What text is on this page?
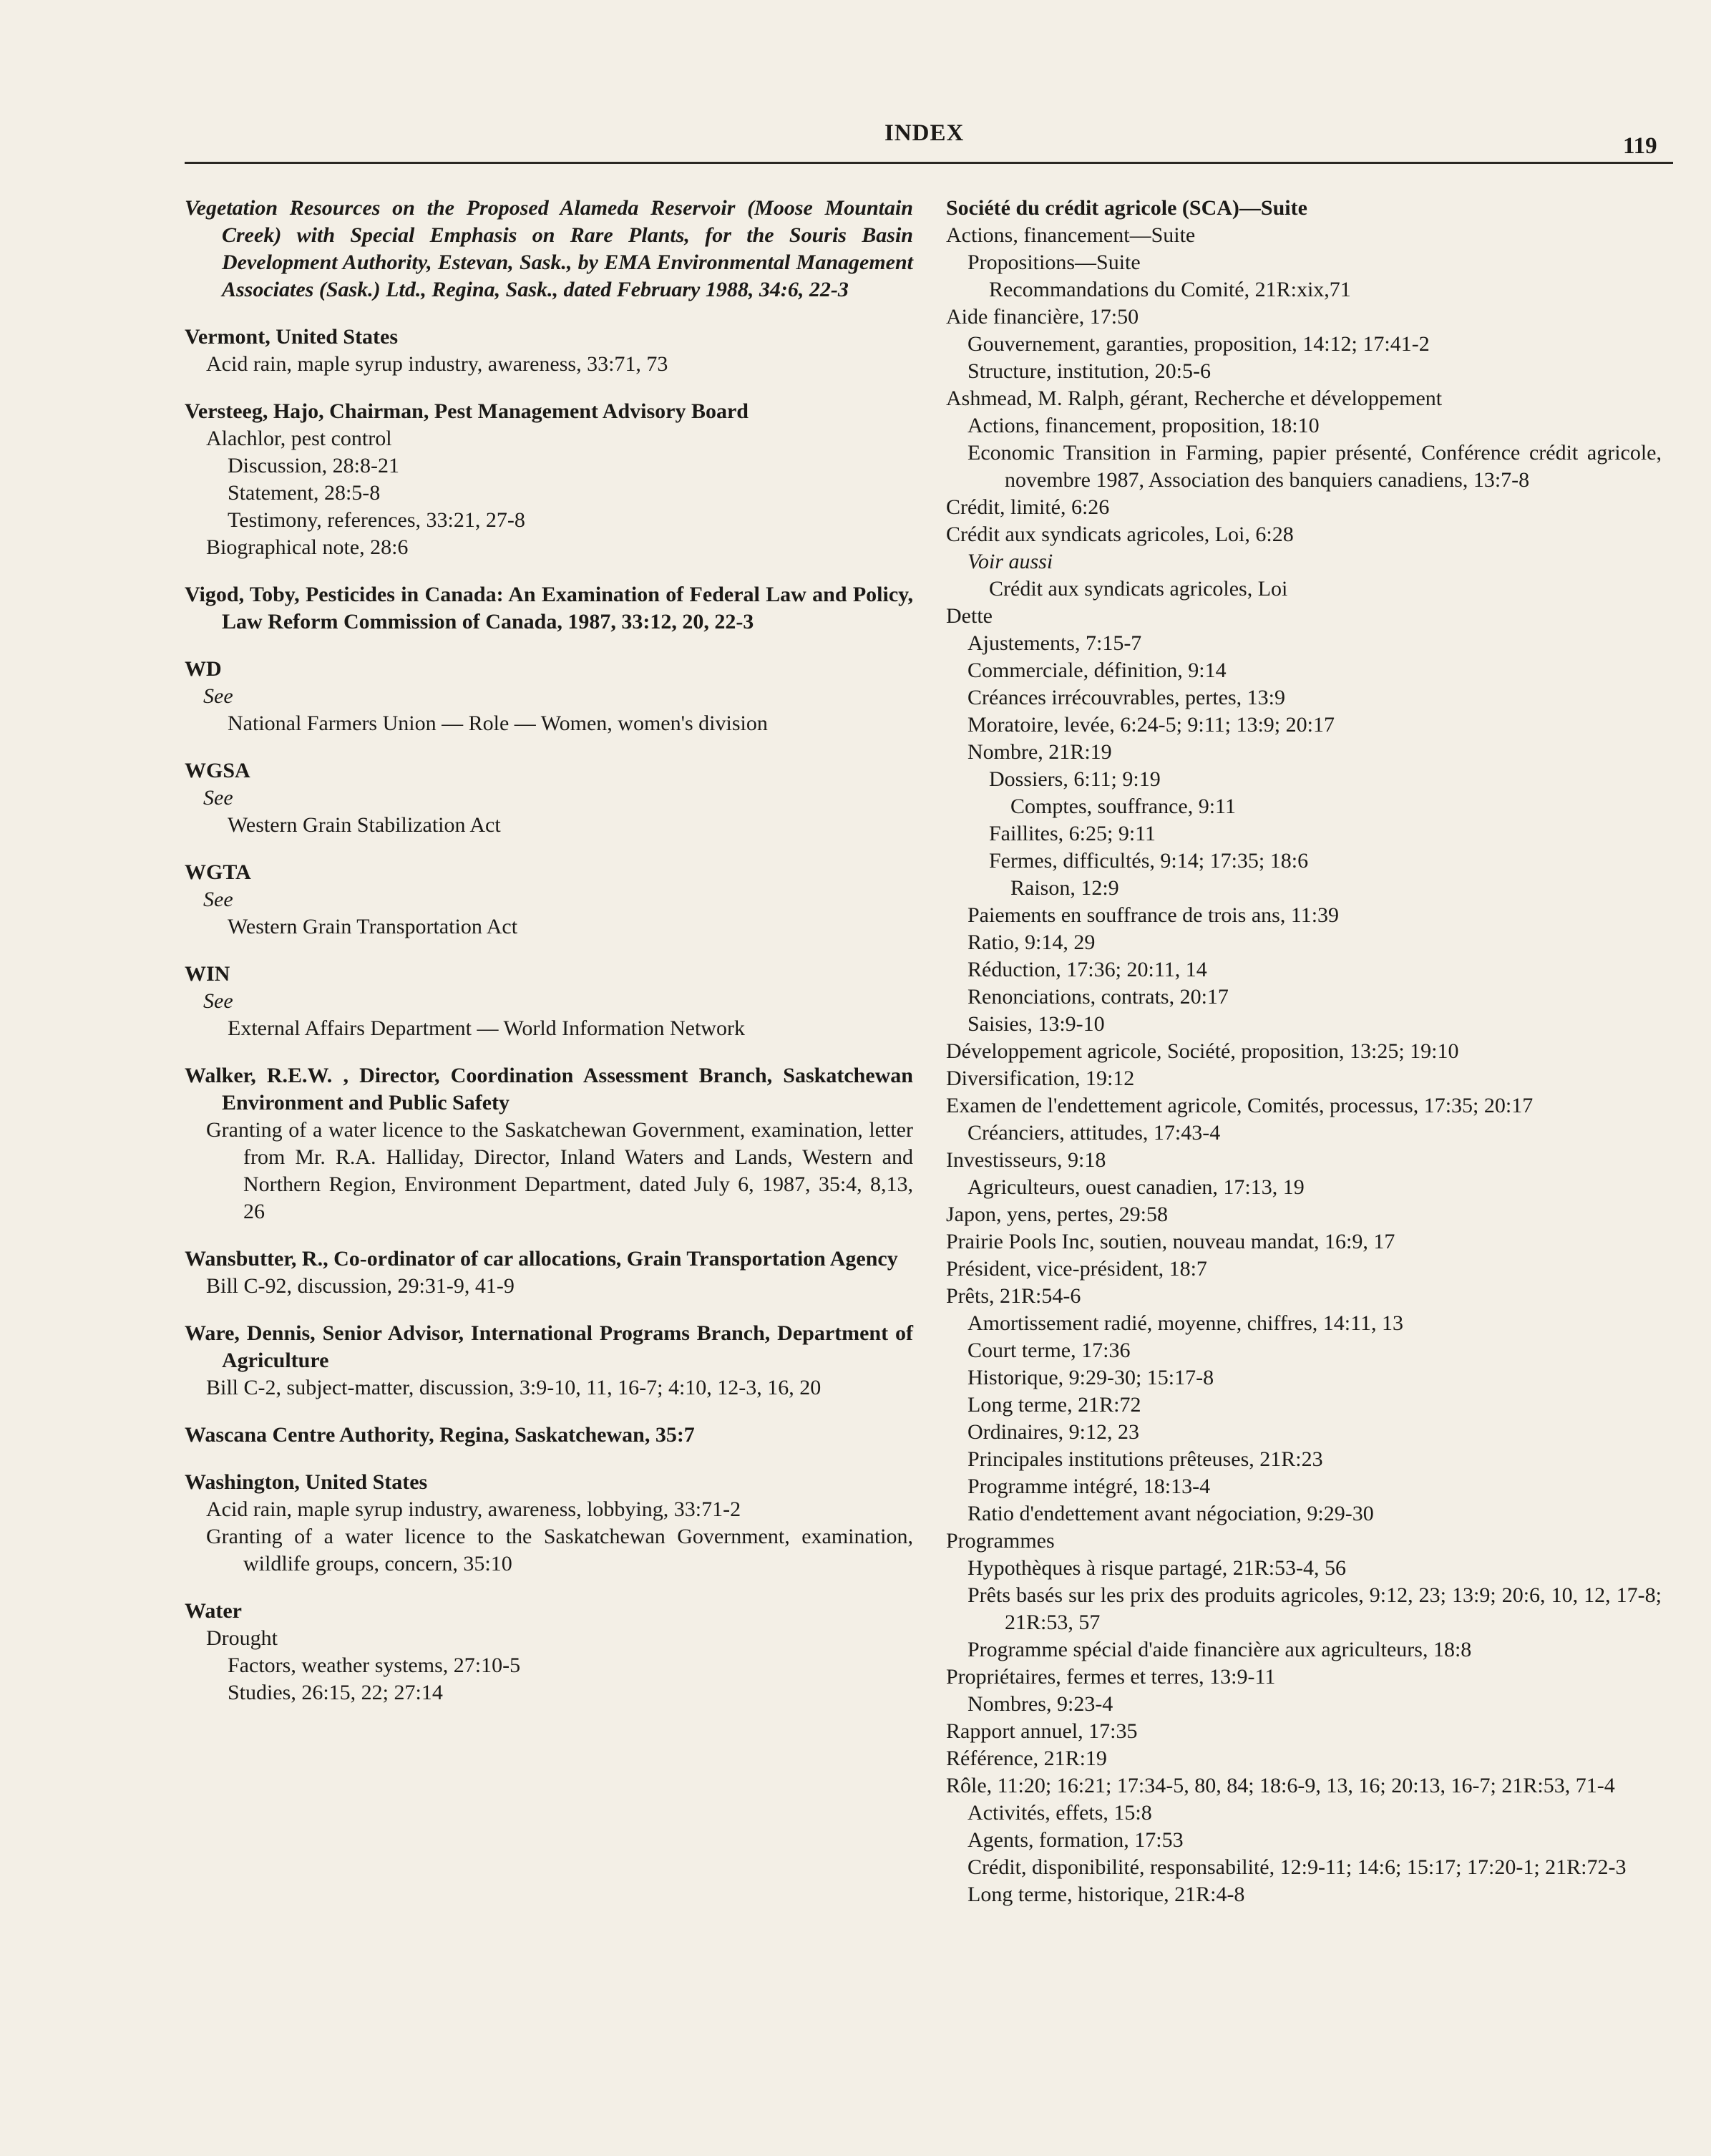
INDEX	119
Vegetation Resources on the Proposed Alameda Reservoir (Moose Mountain Creek) with Special Emphasis on Rare Plants, for the Souris Basin Development Authority, Estevan, Sask., by EMA Environmental Management Associates (Sask.) Ltd., Regina, Sask., dated February 1988, 34:6, 22-3
Vermont, United States
Acid rain, maple syrup industry, awareness, 33:71, 73
Versteeg, Hajo, Chairman, Pest Management Advisory Board
Alachlor, pest control
Discussion, 28:8-21
Statement, 28:5-8
Testimony, references, 33:21, 27-8
Biographical note, 28:6
Vigod, Toby, Pesticides in Canada: An Examination of Federal Law and Policy, Law Reform Commission of Canada, 1987, 33:12, 20, 22-3
WD
See
National Farmers Union — Role — Women, women's division
WGSA
See
Western Grain Stabilization Act
WGTA
See
Western Grain Transportation Act
WIN
See
External Affairs Department — World Information Network
Walker, R.E.W. , Director, Coordination Assessment Branch, Saskatchewan Environment and Public Safety
Granting of a water licence to the Saskatchewan Government, examination, letter from Mr. R.A. Halliday, Director, Inland Waters and Lands, Western and Northern Region, Environment Department, dated July 6, 1987, 35:4, 8,13, 26
Wansbutter, R., Co-ordinator of car allocations, Grain Transportation Agency
Bill C-92, discussion, 29:31-9, 41-9
Ware, Dennis, Senior Advisor, International Programs Branch, Department of Agriculture
Bill C-2, subject-matter, discussion, 3:9-10, 11, 16-7; 4:10, 12-3, 16, 20
Wascana Centre Authority, Regina, Saskatchewan, 35:7
Washington, United States
Acid rain, maple syrup industry, awareness, lobbying, 33:71-2
Granting of a water licence to the Saskatchewan Government, examination, wildlife groups, concern, 35:10
Water
Drought
Factors, weather systems, 27:10-5
Studies, 26:15, 22; 27:14
Société du crédit agricole (SCA)—Suite
Actions, financement—Suite
Propositions—Suite
Recommandations du Comité, 21R:xix,71
Aide financière, 17:50
Gouvernement, garanties, proposition, 14:12; 17:41-2
Structure, institution, 20:5-6
Ashmead, M. Ralph, gérant, Recherche et développement
Actions, financement, proposition, 18:10
Economic Transition in Farming, papier présenté, Conférence crédit agricole, novembre 1987, Association des banquiers canadiens, 13:7-8
Crédit, limité, 6:26
Crédit aux syndicats agricoles, Loi, 6:28
Voir aussi
Crédit aux syndicats agricoles, Loi
Dette
Ajustements, 7:15-7
Commerciale, définition, 9:14
Créances irrécouvrables, pertes, 13:9
Moratoire, levée, 6:24-5; 9:11; 13:9; 20:17
Nombre, 21R:19
Dossiers, 6:11; 9:19
Comptes, souffrance, 9:11
Faillites, 6:25; 9:11
Fermes, difficultés, 9:14; 17:35; 18:6
Raison, 12:9
Paiements en souffrance de trois ans, 11:39
Ratio, 9:14, 29
Réduction, 17:36; 20:11, 14
Renonciations, contrats, 20:17
Saisies, 13:9-10
Développement agricole, Société, proposition, 13:25; 19:10
Diversification, 19:12
Examen de l'endettement agricole, Comités, processus, 17:35; 20:17
Créanciers, attitudes, 17:43-4
Investisseurs, 9:18
Agriculteurs, ouest canadien, 17:13, 19
Japon, yens, pertes, 29:58
Prairie Pools Inc, soutien, nouveau mandat, 16:9, 17
Président, vice-président, 18:7
Prêts, 21R:54-6
Amortissement radié, moyenne, chiffres, 14:11, 13
Court terme, 17:36
Historique, 9:29-30; 15:17-8
Long terme, 21R:72
Ordinaires, 9:12, 23
Principales institutions prêteuses, 21R:23
Programme intégré, 18:13-4
Ratio d'endettement avant négociation, 9:29-30
Programmes
Hypothèques à risque partagé, 21R:53-4, 56
Prêts basés sur les prix des produits agricoles, 9:12, 23; 13:9; 20:6, 10, 12, 17-8; 21R:53, 57
Programme spécial d'aide financière aux agriculteurs, 18:8
Propriétaires, fermes et terres, 13:9-11
Nombres, 9:23-4
Rapport annuel, 17:35
Référence, 21R:19
Rôle, 11:20; 16:21; 17:34-5, 80, 84; 18:6-9, 13, 16; 20:13, 16-7; 21R:53, 71-4
Activités, effets, 15:8
Agents, formation, 17:53
Crédit, disponibilité, responsabilité, 12:9-11; 14:6; 15:17; 17:20-1; 21R:72-3
Long terme, historique, 21R:4-8
